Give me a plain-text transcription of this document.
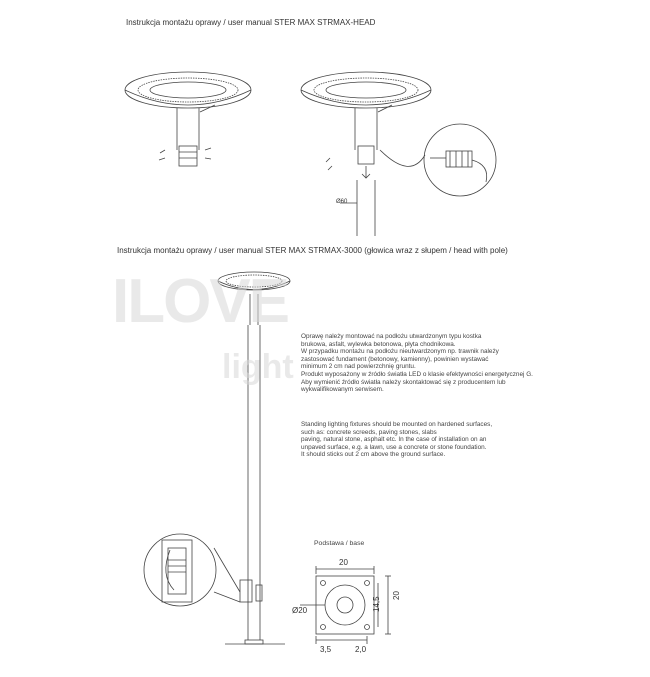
Instrukcja montażu oprawy / user manual STER MAX STRMAX-HEAD
Instrukcja montażu oprawy / user manual STER MAX STRMAX-3000 (głowica wraz z słupem / head with pole)
ILOVE
light
Ø60
Oprawę należy montować na podłożu utwardzonym typu kostka
brukowa, asfalt, wylewka betonowa, płyta chodnikowa.
W przypadku montażu na podłożu nieutwardzonym np. trawnik należy
zastosować fundament (betonowy, kamienny), powinien wystawać
minimum 2 cm nad powierzchnię gruntu.
Produkt wyposażony w źródło światła LED o klasie efektywności energetycznej G.
Aby wymienić źródło światła należy skontaktować się z producentem lub
wykwalifikowanym serwisem.
Standing lighting fixtures should be mounted on hardened surfaces,
such as: concrete screeds, paving stones, slabs
paving, natural stone, asphalt etc. In the case of installation on an
unpaved surface, e.g. a lawn, use a concrete or stone foundation.
It should sticks out 2 cm above the ground surface.
Podstawa / base
20
20
14,5
Ø20
3,5	2,0
